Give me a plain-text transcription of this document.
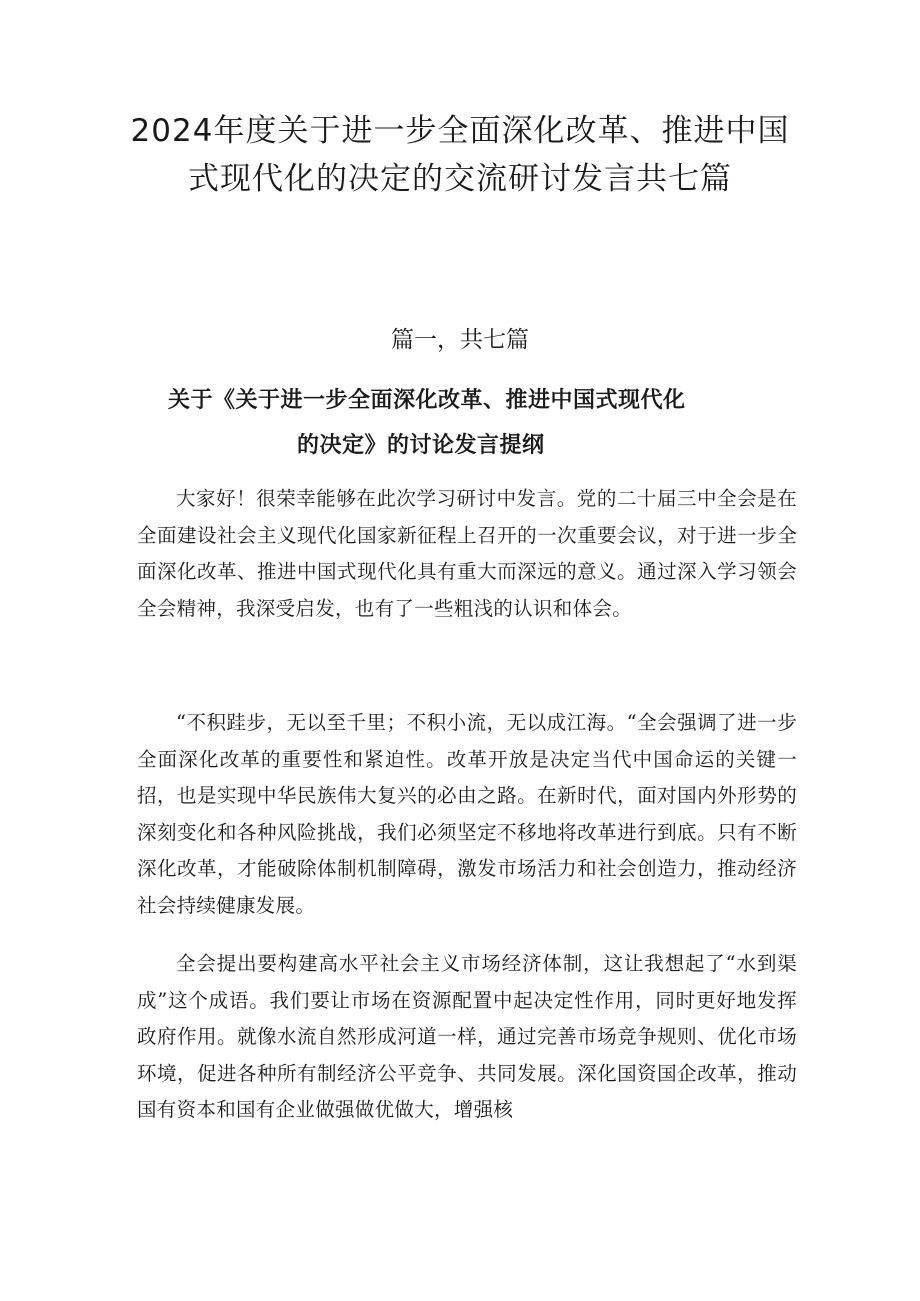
2024年度关于进一步全面深化改革、推进中国式现代化的决定的交流研讨发言共七篇
篇一，共七篇
关于《关于进一步全面深化改革、推进中国式现代化
的决定》的讨论发言提纲

大家好！很荣幸能够在此次学习研讨中发言。党的二十届三中全会是在全面建设社会主义现代化国家新征程上召开的一次重要会议，对于进一步全面深化改革、推进中国式现代化具有重大而深远的意义。通过深入学习领会全会精神，我深受启发，也有了一些粗浅的认识和体会。

“不积跬步，无以至千里；不积小流，无以成江海。“全会强调了进一步全面深化改革的重要性和紧迫性。改革开放是决定当代中国命运的关键一招，也是实现中华民族伟大复兴的必由之路。在新时代，面对国内外形势的深刻变化和各种风险挑战，我们必须坚定不移地将改革进行到底。只有不断深化改革，才能破除体制机制障碍，激发市场活力和社会创造力，推动经济社会持续健康发展。

全会提出要构建高水平社会主义市场经济体制，这让我想起了“水到渠成”这个成语。我们要让市场在资源配置中起决定性作用，同时更好地发挥政府作用。就像水流自然形成河道一样，通过完善市场竞争规则、优化市场环境，促进各种所有制经济公平竞争、共同发展。深化国资国企改革，推动国有资本和国有企业做强做优做大，增强核
